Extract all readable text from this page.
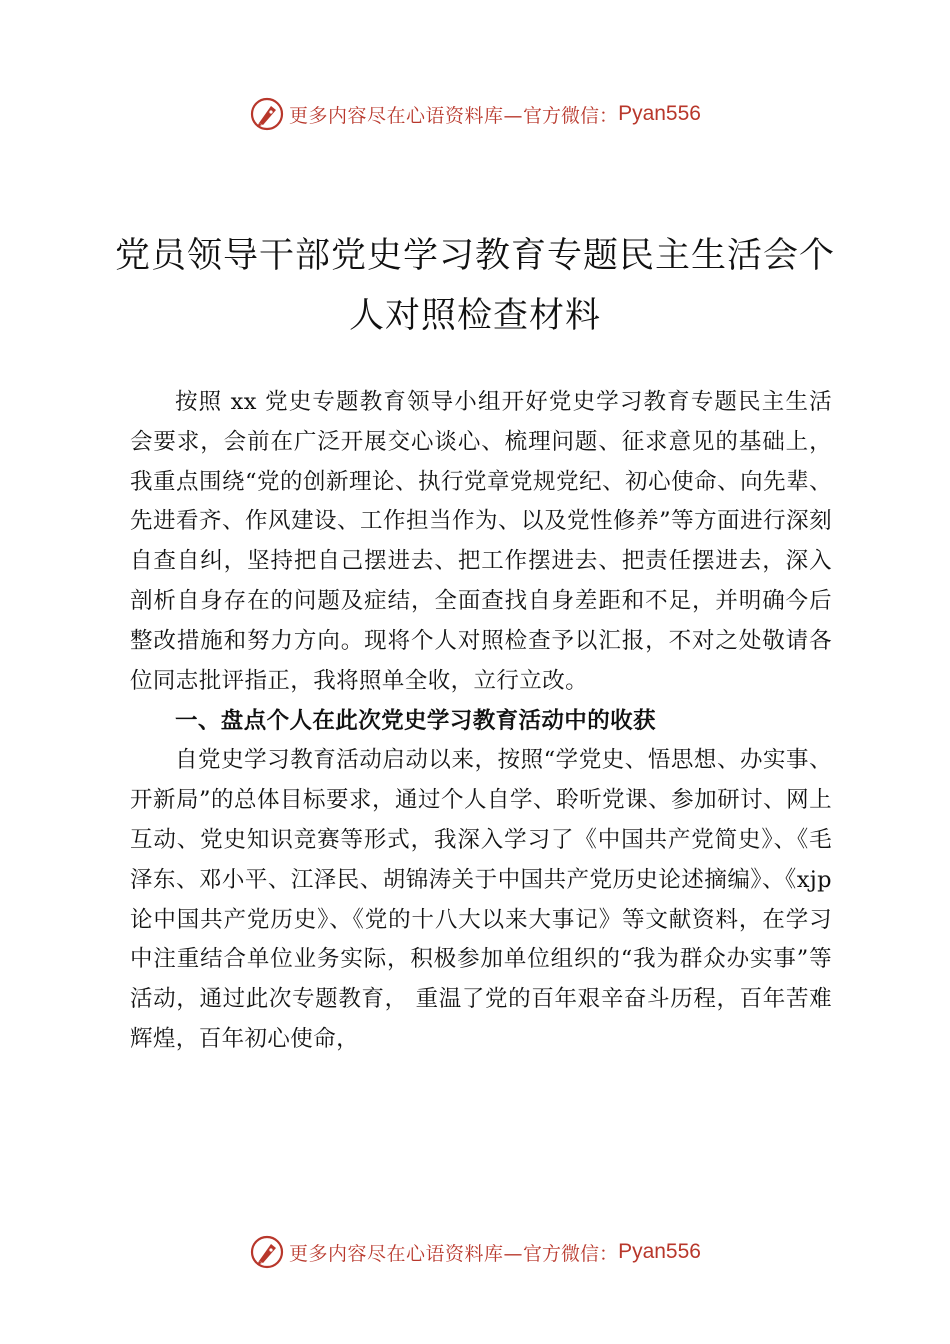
更多内容尽在心语资料库— 官方微信： Pyan556
党员领导干部党史学习教育专题民主生活会个人对照检查材料

按照 xx 党史专题教育领导小组开好党史学习教育专题民主生活会要求，会前在广泛开展交心谈心、梳理问题、征求意见的基础上，我重点围绕“党的创新理论、执行党章党规党纪、初心使命、向先辈、先进看齐、作风建设、工作担当作为、以及党性修养”等方面进行深刻自查自纠，坚持把自己摆进去、把工作摆进去、把责任摆进去，深入剖析自身存在的问题及症结，全面查找自身差距和不足，并明确今后整改措施和努力方向。现将个人对照检查予以汇报，不对之处敬请各位同志批评指正，我将照单全收，立行立改。

一、盘点个人在此次党史学习教育活动中的收获

自党史学习教育活动启动以来，按照“学党史、悟思想、办实事、开新局”的总体目标要求，通过个人自学、聆听党课、参加研讨、网上互动、党史知识竞赛等形式，我深入学习了《中国共产党简史》、《毛泽东、邓小平、江泽民、胡锦涛关于中国共产党历史论述摘编》、《xjp 论中国共产党历史》、《党的十八大以来大事记》等文献资料，在学习中注重结合单位业务实际，积极参加单位组织的“我为群众办实事”等活动，通过此次专题教育， 重温了党的百年艰辛奋斗历程，百年苦难辉煌，百年初心使命，

更多内容尽在心语资料库— 官方微信： Pyan556
